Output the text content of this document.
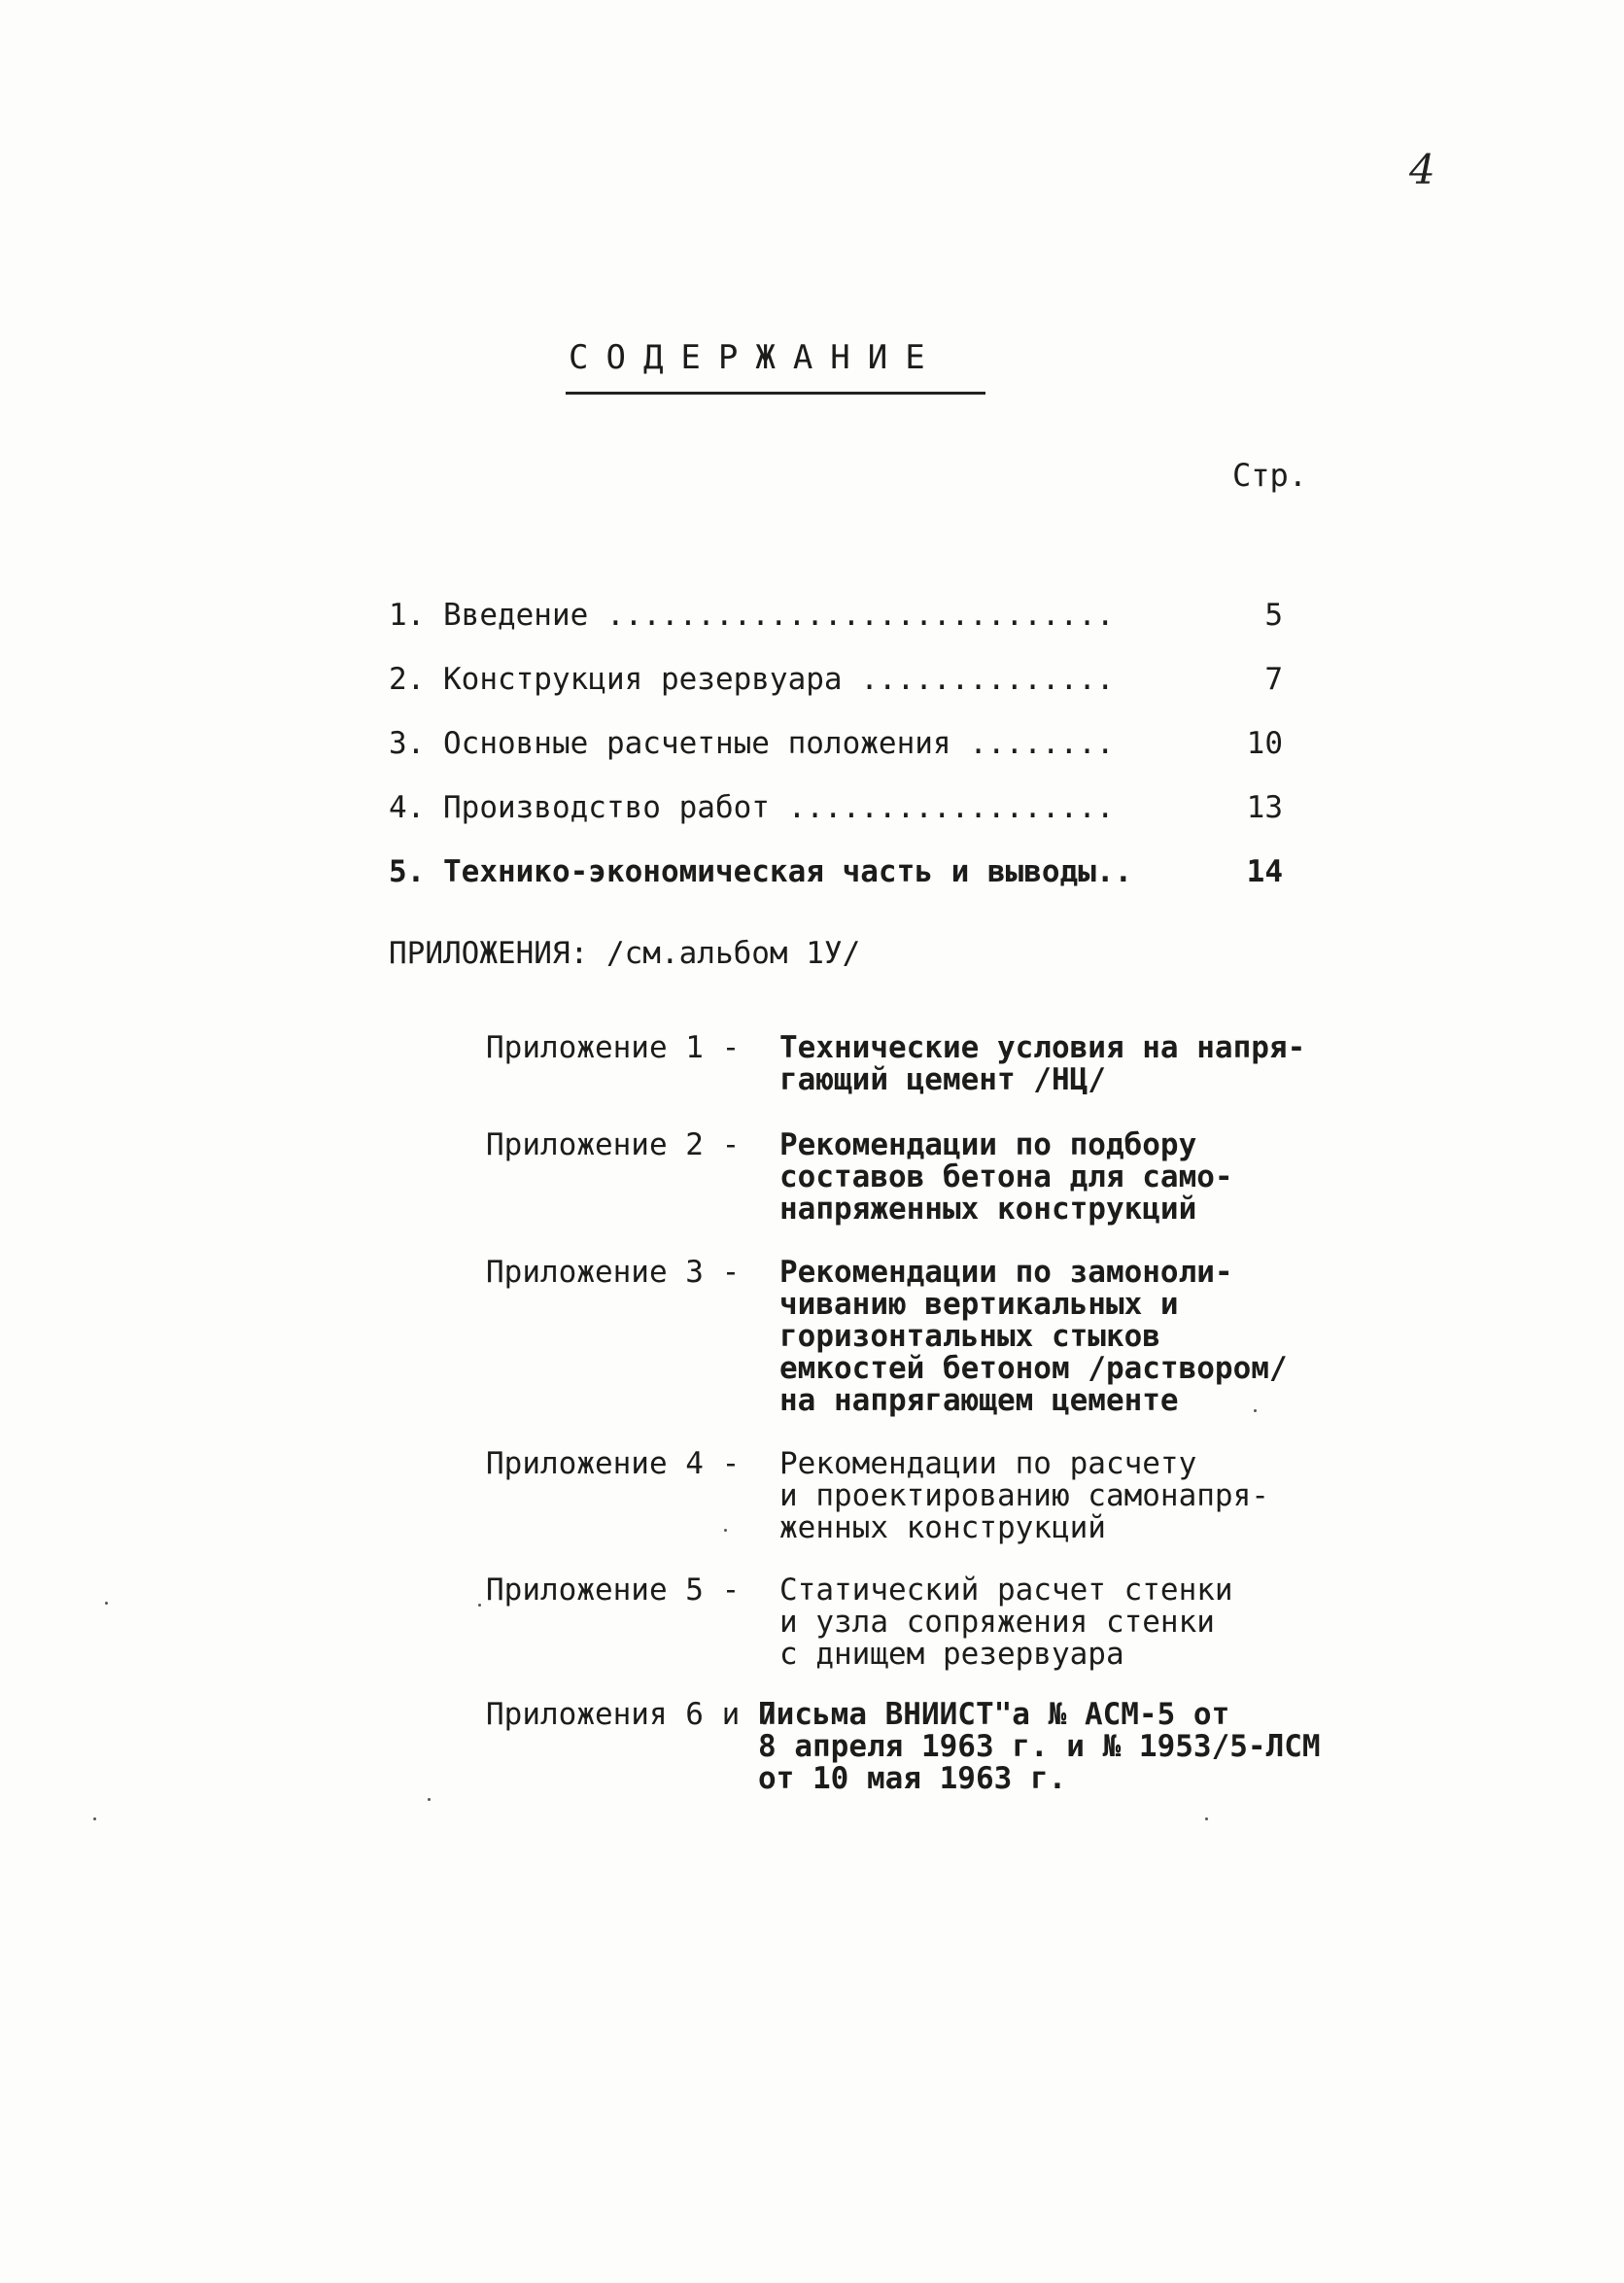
4
СОДЕРЖАНИЕ
Стр.
1. Введение ............................	5
2. Конструкция резервуара ..............	7
3. Основные расчетные положения ........	10
4. Производство работ ..................	13
5. Технико-экономическая часть и выводы..	14
ПРИЛОЖЕНИЯ: /см.альбом 1У/
Приложение 1 - Технические условия на напря-
гающий цемент /НЦ/
Приложение 2 - Рекомендации по подбору
составов бетона для само-
напряженных конструкций
Приложение 3 - Рекомендации по замоноли-
чиванию вертикальных и
горизонтальных стыков
емкостей бетоном /раствором/
на напрягающем цементе
Приложение 4 - Рекомендации по расчету
и проектированию самонапря-
женных конструкций
Приложение 5 - Статический расчет стенки
и узла сопряжения стенки
с днищем резервуара
Приложения 6 и 7
Письма ВНИИСТ"а № АСМ-5 от
8 апреля 1963 г. и № 1953/5-ЛСМ
от 10 мая 1963 г.
